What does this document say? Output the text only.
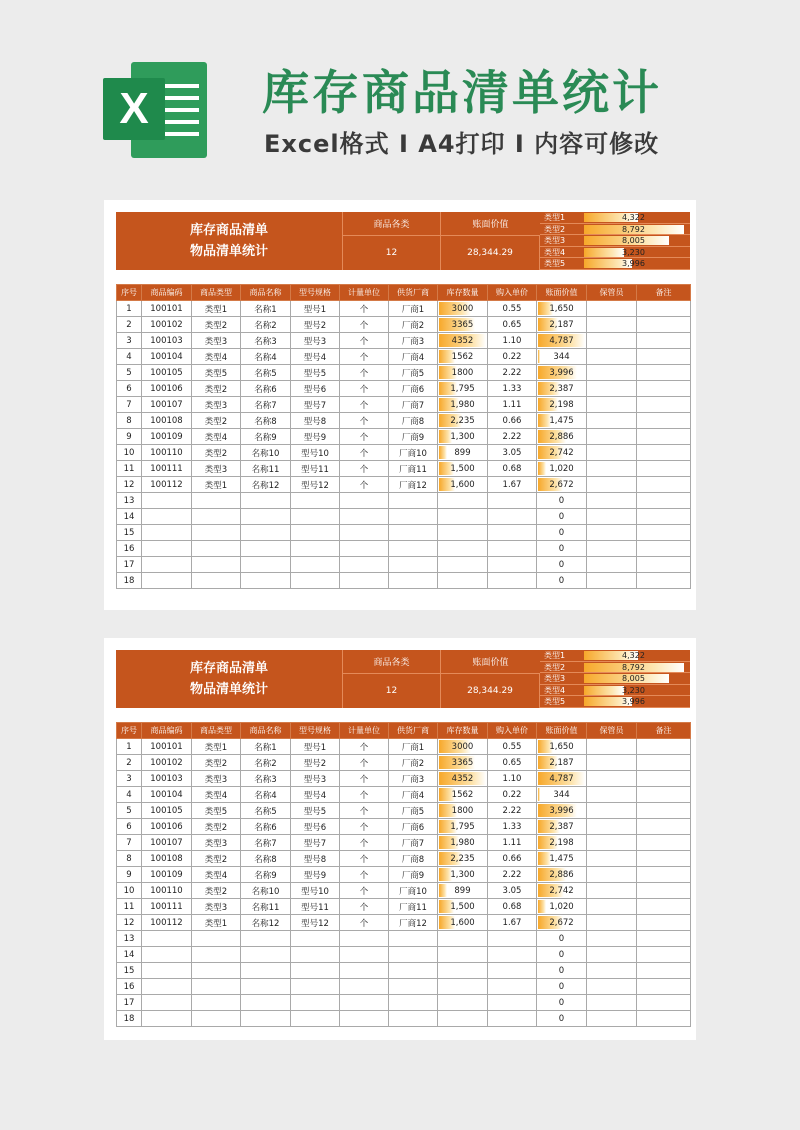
X	库存商品清单统计
Excel格式 I A4打印 I 内容可修改
库存商品清单
物品清单统计
商品各类
12
账面价值
28,344.29
类型1	4,322
类型2	8,792
类型3	8,005
类型4	3,230
类型5	3,996
序号	商品编码	商品类型	商品名称	型号规格	计量单位	供货厂商	库存数量	购入单价	账面价值	保管员	备注
1	100101	类型1	名称1	型号1	个	厂商1	3000	0.55	1,650		
2	100102	类型2	名称2	型号2	个	厂商2	3365	0.65	2,187		
3	100103	类型3	名称3	型号3	个	厂商3	4352	1.10	4,787		
4	100104	类型4	名称4	型号4	个	厂商4	1562	0.22	344		
5	100105	类型5	名称5	型号5	个	厂商5	1800	2.22	3,996		
6	100106	类型2	名称6	型号6	个	厂商6	1,795	1.33	2,387		
7	100107	类型3	名称7	型号7	个	厂商7	1,980	1.11	2,198		
8	100108	类型2	名称8	型号8	个	厂商8	2,235	0.66	1,475		
9	100109	类型4	名称9	型号9	个	厂商9	1,300	2.22	2,886		
10	100110	类型2	名称10	型号10	个	厂商10	899	3.05	2,742		
11	100111	类型3	名称11	型号11	个	厂商11	1,500	0.68	1,020		
12	100112	类型1	名称12	型号12	个	厂商12	1,600	1.67	2,672		
13									0		
14									0		
15									0		
16									0		
17									0		
18									0		
库存商品清单
物品清单统计
商品各类
12
账面价值
28,344.29
类型1	4,322
类型2	8,792
类型3	8,005
类型4	3,230
类型5	3,996
序号	商品编码	商品类型	商品名称	型号规格	计量单位	供货厂商	库存数量	购入单价	账面价值	保管员	备注
1	100101	类型1	名称1	型号1	个	厂商1	3000	0.55	1,650		
2	100102	类型2	名称2	型号2	个	厂商2	3365	0.65	2,187		
3	100103	类型3	名称3	型号3	个	厂商3	4352	1.10	4,787		
4	100104	类型4	名称4	型号4	个	厂商4	1562	0.22	344		
5	100105	类型5	名称5	型号5	个	厂商5	1800	2.22	3,996		
6	100106	类型2	名称6	型号6	个	厂商6	1,795	1.33	2,387		
7	100107	类型3	名称7	型号7	个	厂商7	1,980	1.11	2,198		
8	100108	类型2	名称8	型号8	个	厂商8	2,235	0.66	1,475		
9	100109	类型4	名称9	型号9	个	厂商9	1,300	2.22	2,886		
10	100110	类型2	名称10	型号10	个	厂商10	899	3.05	2,742		
11	100111	类型3	名称11	型号11	个	厂商11	1,500	0.68	1,020		
12	100112	类型1	名称12	型号12	个	厂商12	1,600	1.67	2,672		
13									0		
14									0		
15									0		
16									0		
17									0		
18									0		
